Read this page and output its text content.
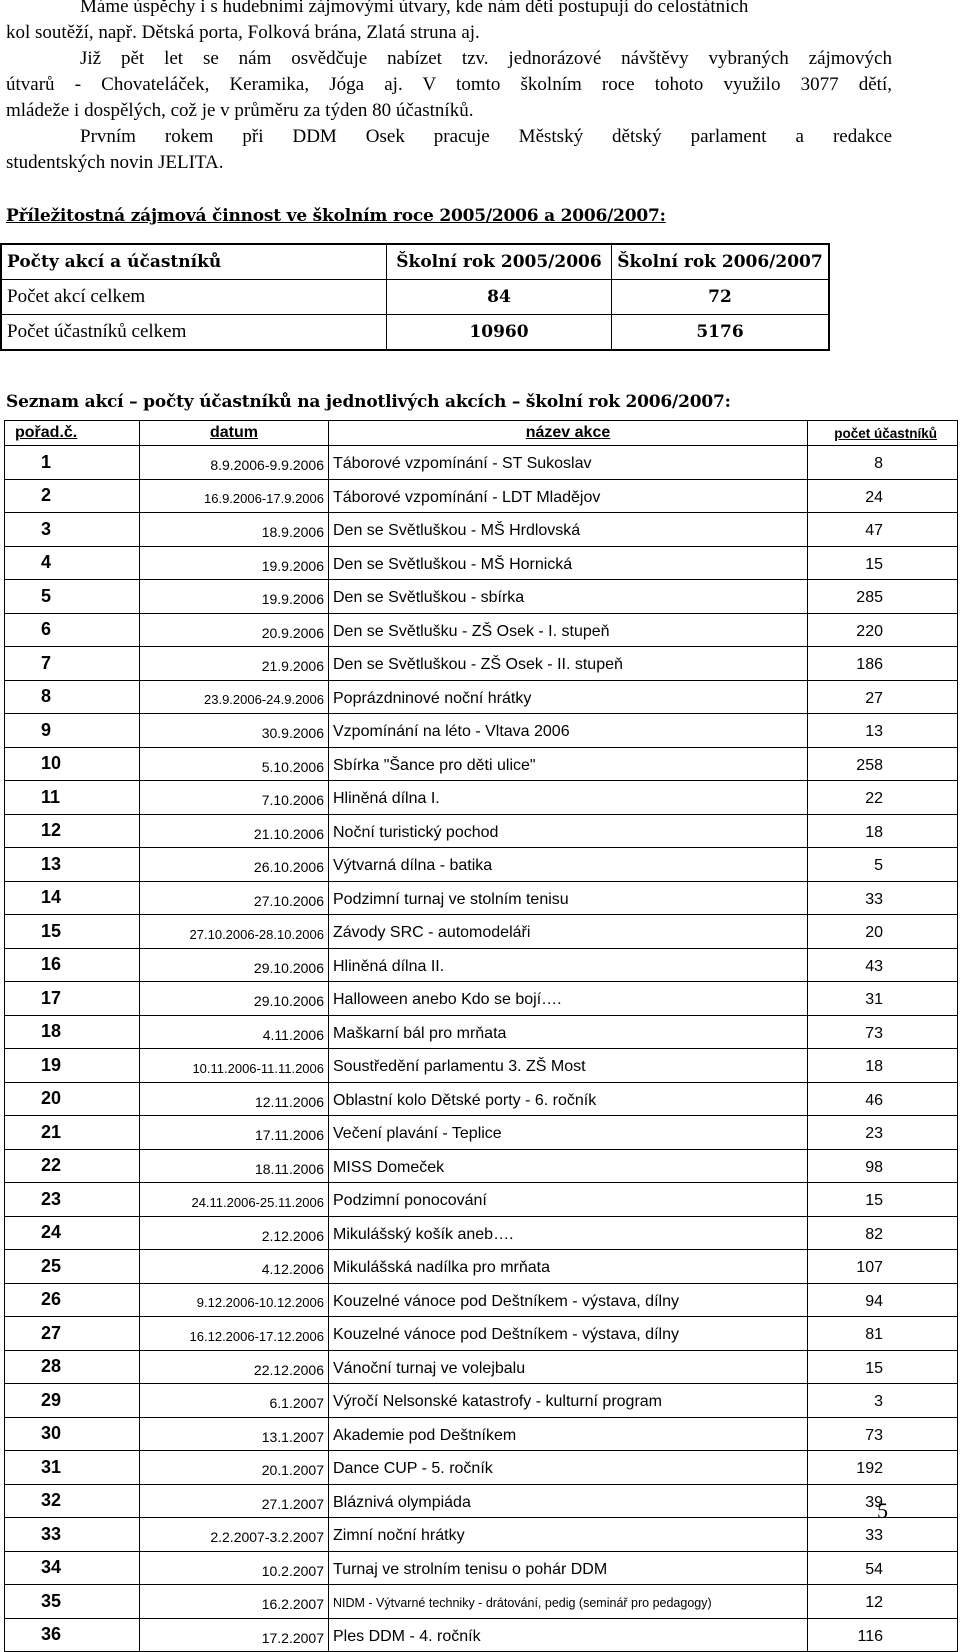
Máme úspěchy i s hudebními zájmovými útvary, kde nám děti postupují do celostátních
kol soutěží, např. Dětská porta, Folková brána, Zlatá struna aj.
Již pět let se nám osvědčuje nabízet tzv. jednorázové návštěvy vybraných zájmových
útvarů - Chovateláček, Keramika, Jóga aj. V tomto školním roce tohoto využilo 3077 dětí,
mládeže i dospělých, což je v průměru za týden 80 účastníků.
Prvním rokem při DDM Osek pracuje Městský dětský parlament a redakce
studentských novin JELITA.
Příležitostná zájmová činnost ve školním roce 2005/2006 a 2006/2007:
Počty akcí a účastníků	Školní rok 2005/2006	Školní rok 2006/2007
Počet akcí celkem	84	72
Počet účastníků celkem	10960	5176
Seznam akcí – počty účastníků na jednotlivých akcích – školní rok 2006/2007:
pořad.č.	datum	název akce	počet účastníků
1	8.9.2006-9.9.2006	Táborové vzpomínání - ST Sukoslav	8
2	16.9.2006-17.9.2006	Táborové vzpomínání - LDT Mladějov	24
3	18.9.2006	Den se Světluškou - MŠ Hrdlovská	47
4	19.9.2006	Den se Světluškou - MŠ Hornická	15
5	19.9.2006	Den se Světluškou - sbírka	285
6	20.9.2006	Den se Světlušku - ZŠ Osek - I. stupeň	220
7	21.9.2006	Den se Světluškou - ZŠ Osek - II. stupeň	186
8	23.9.2006-24.9.2006	Poprázdninové noční hrátky	27
9	30.9.2006	Vzpomínání na léto - Vltava 2006	13
10	5.10.2006	Sbírka "Šance pro děti ulice"	258
11	7.10.2006	Hliněná dílna I.	22
12	21.10.2006	Noční turistický pochod	18
13	26.10.2006	Výtvarná dílna - batika	5
14	27.10.2006	Podzimní turnaj ve stolním tenisu	33
15	27.10.2006-28.10.2006	Závody SRC - automodeláři	20
16	29.10.2006	Hliněná dílna II.	43
17	29.10.2006	Halloween anebo Kdo se bojí….	31
18	4.11.2006	Maškarní bál pro mrňata	73
19	10.11.2006-11.11.2006	Soustředění parlamentu 3. ZŠ Most	18
20	12.11.2006	Oblastní kolo Dětské porty - 6. ročník	46
21	17.11.2006	Večení plavání - Teplice	23
22	18.11.2006	MISS Domeček	98
23	24.11.2006-25.11.2006	Podzimní ponocování	15
24	2.12.2006	Mikulášský košík aneb….	82
25	4.12.2006	Mikulášská nadílka pro mrňata	107
26	9.12.2006-10.12.2006	Kouzelné vánoce pod Deštníkem - výstava, dílny	94
27	16.12.2006-17.12.2006	Kouzelné vánoce pod Deštníkem - výstava, dílny	81
28	22.12.2006	Vánoční turnaj ve volejbalu	15
29	6.1.2007	Výročí Nelsonské katastrofy - kulturní program	3
30	13.1.2007	Akademie pod Deštníkem	73
31	20.1.2007	Dance CUP - 5. ročník	192
32	27.1.2007	Bláznivá olympiáda	39
33	2.2.2007-3.2.2007	Zimní noční hrátky	33
34	10.2.2007	Turnaj ve strolním tenisu o pohár DDM	54
35	16.2.2007	NIDM - Výtvarné techniky - drátování, pedig (seminář pro pedagogy)	12
36	17.2.2007	Ples DDM - 4. ročník	116
5
